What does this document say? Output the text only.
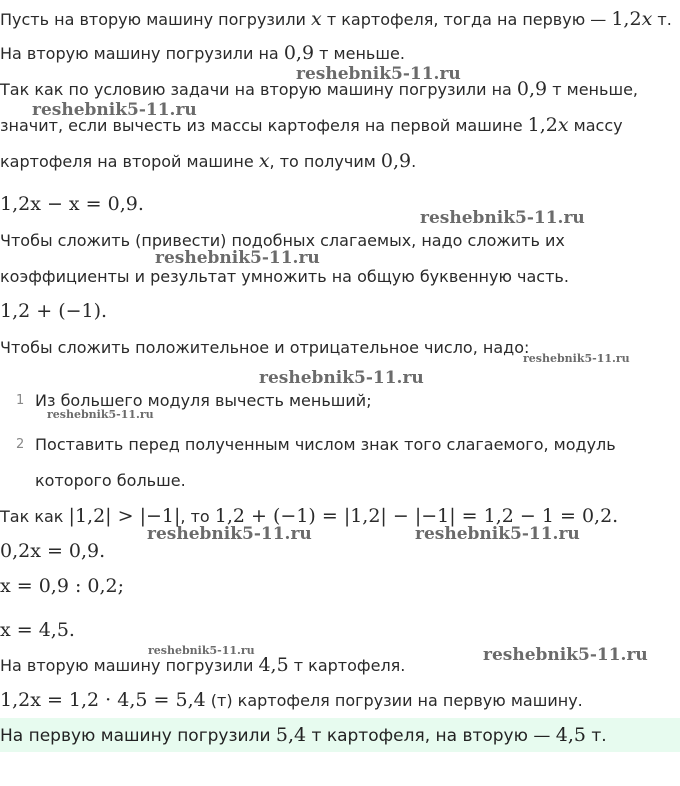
Пусть на вторую машину погрузили x т картофеля, тогда на первую — 1,2x т.
На вторую машину погрузили на 0,9 т меньше.
Так как по условию задачи на вторую машину погрузили на 0,9 т меньше,
значит, если вычесть из массы картофеля на первой машине 1,2x массу
картофеля на второй машине x, то получим 0,9.
1,2x − x = 0,9.
Чтобы сложить (привести) подобных слагаемых, надо сложить их
коэффициенты и результат умножить на общую буквенную часть.
1,2 + (−1).
Чтобы сложить положительное и отрицательное число, надо:
1 Из большего модуля вычесть меньший;
2 Поставить перед полученным числом знак того слагаемого, модуль
которого больше.
Так как |1,2| > |−1|, то 1,2 + (−1) = |1,2| − |−1| = 1,2 − 1 = 0,2.
0,2x = 0,9.
x = 0,9 : 0,2;
x = 4,5.
На вторую машину погрузили 4,5 т картофеля.
1,2x = 1,2 · 4,5 = 5,4 (т) картофеля погрузии на первую машину.
На первую машину погрузили 5,4 т картофеля, на вторую — 4,5 т.
reshebnik5-11.ru
reshebnik5-11.ru
reshebnik5-11.ru
reshebnik5-11.ru
reshebnik5-11.ru
reshebnik5-11.ru
reshebnik5-11.ru
reshebnik5-11.ru	reshebnik5-11.ru
reshebnik5-11.ru	reshebnik5-11.ru
